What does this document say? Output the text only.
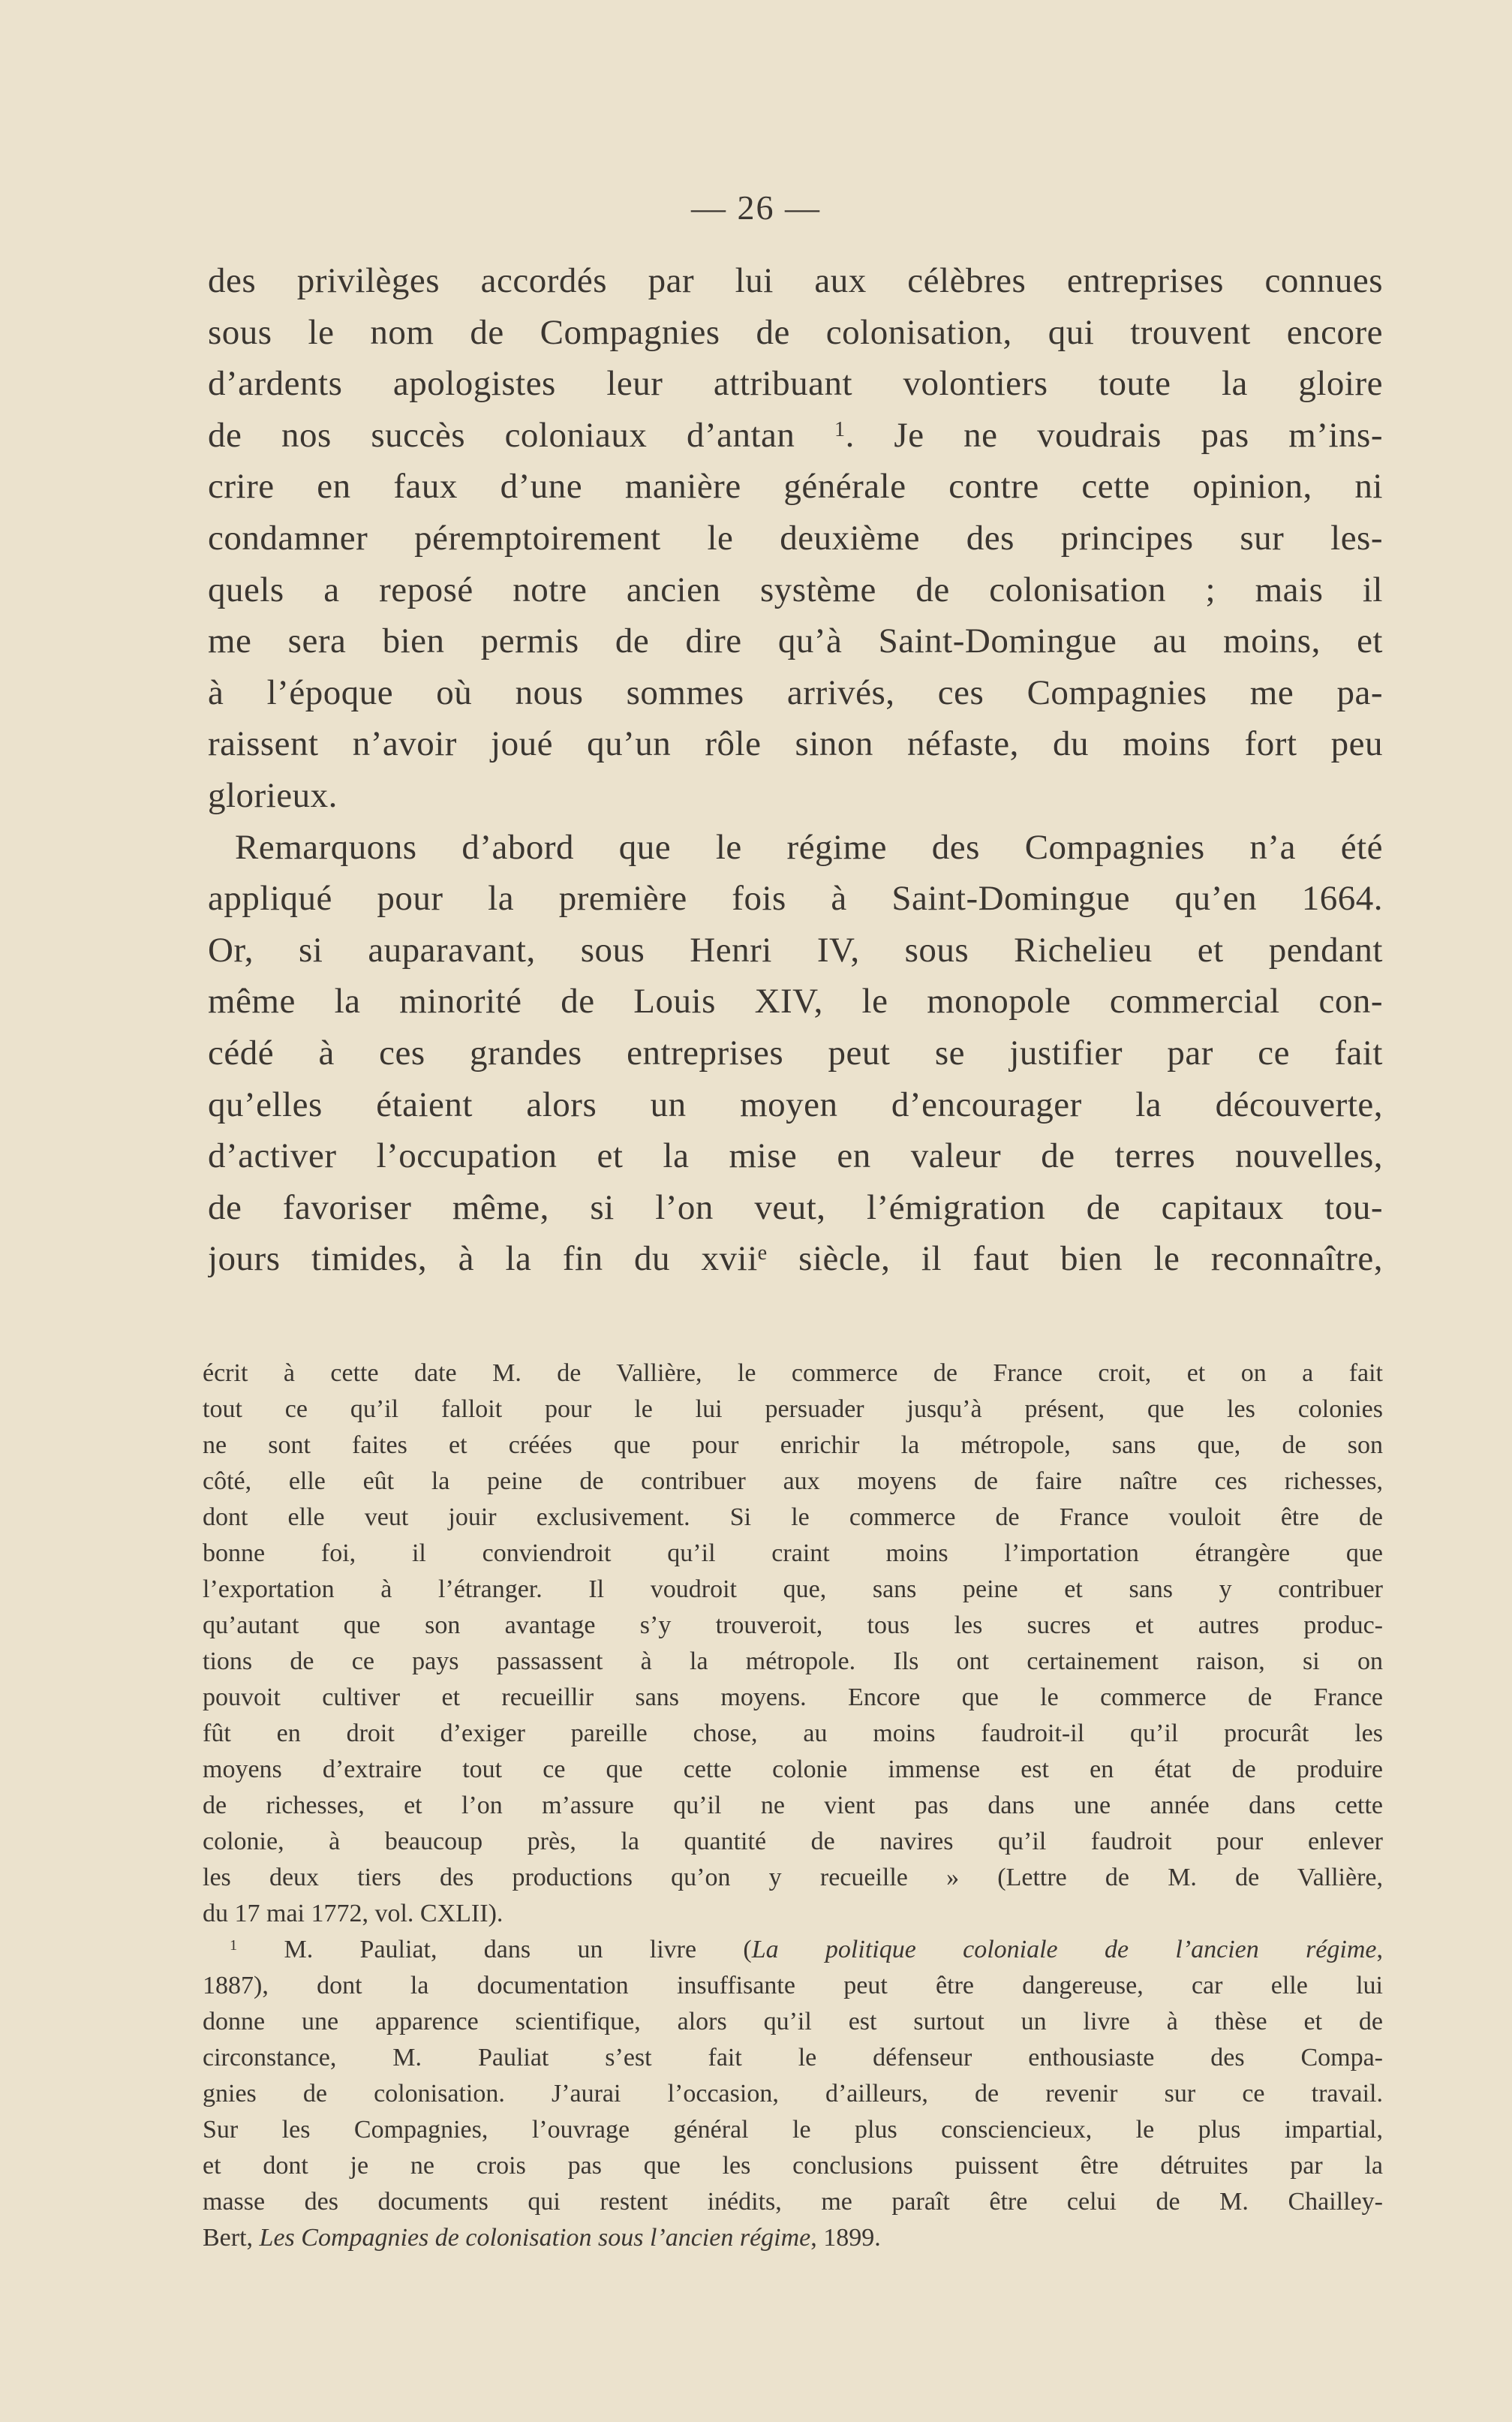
— 26 —
des privilèges accordés par lui aux célèbres entreprises connues
sous le nom de Compagnies de colonisation, qui trouvent encore
d’ardents apologistes leur attribuant volontiers toute la gloire
de nos succès coloniaux d’antan $^1$. Je ne voudrais pas m’ins-
crire en faux d’une manière générale contre cette opinion, ni
condamner péremptoirement le deuxième des principes sur les-
quels a reposé notre ancien système de colonisation ; mais il
me sera bien permis de dire qu’à Saint-Domingue au moins, et
à l’époque où nous sommes arrivés, ces Compagnies me pa-
raissent n’avoir joué qu’un rôle sinon néfaste, du moins fort peu
glorieux.
Remarquons d’abord que le régime des Compagnies n’a été
appliqué pour la première fois à Saint-Domingue qu’en 1664.
Or, si auparavant, sous Henri IV, sous Richelieu et pendant
même la minorité de Louis XIV, le monopole commercial con-
cédé à ces grandes entreprises peut se justifier par ce fait
qu’elles étaient alors un moyen d’encourager la découverte,
d’activer l’occupation et la mise en valeur de terres nouvelles,
de favoriser même, si l’on veut, l’émigration de capitaux tou-
jours timides, à la fin du xvii$^e$ siècle, il faut bien le reconnaître,
écrit à cette date M. de Vallière, le commerce de France croit, et on a fait
tout ce qu’il falloit pour le lui persuader jusqu’à présent, que les colonies
ne sont faites et créées que pour enrichir la métropole, sans que, de son
côté, elle eût la peine de contribuer aux moyens de faire naître ces richesses,
dont elle veut jouir exclusivement. Si le commerce de France vouloit être de
bonne foi, il conviendroit qu’il craint moins l’importation étrangère que
l’exportation à l’étranger. Il voudroit que, sans peine et sans y contribuer
qu’autant que son avantage s’y trouveroit, tous les sucres et autres produc-
tions de ce pays passassent à la métropole. Ils ont certainement raison, si on
pouvoit cultiver et recueillir sans moyens. Encore que le commerce de France
fût en droit d’exiger pareille chose, au moins faudroit-il qu’il procurât les
moyens d’extraire tout ce que cette colonie immense est en état de produire
de richesses, et l’on m’assure qu’il ne vient pas dans une année dans cette
colonie, à beaucoup près, la quantité de navires qu’il faudroit pour enlever
les deux tiers des productions qu’on y recueille » (Lettre de M. de Vallière,
du 17 mai 1772, vol. CXLII).
$^1$ M. Pauliat, dans un livre (La politique coloniale de l’ancien régime,
1887), dont la documentation insuffisante peut être dangereuse, car elle lui
donne une apparence scientifique, alors qu’il est surtout un livre à thèse et de
circonstance, M. Pauliat s’est fait le défenseur enthousiaste des Compa-
gnies de colonisation. J’aurai l’occasion, d’ailleurs, de revenir sur ce travail.
Sur les Compagnies, l’ouvrage général le plus consciencieux, le plus impartial,
et dont je ne crois pas que les conclusions puissent être détruites par la
masse des documents qui restent inédits, me paraît être celui de M. Chailley-
Bert, Les Compagnies de colonisation sous l’ancien régime, 1899.
